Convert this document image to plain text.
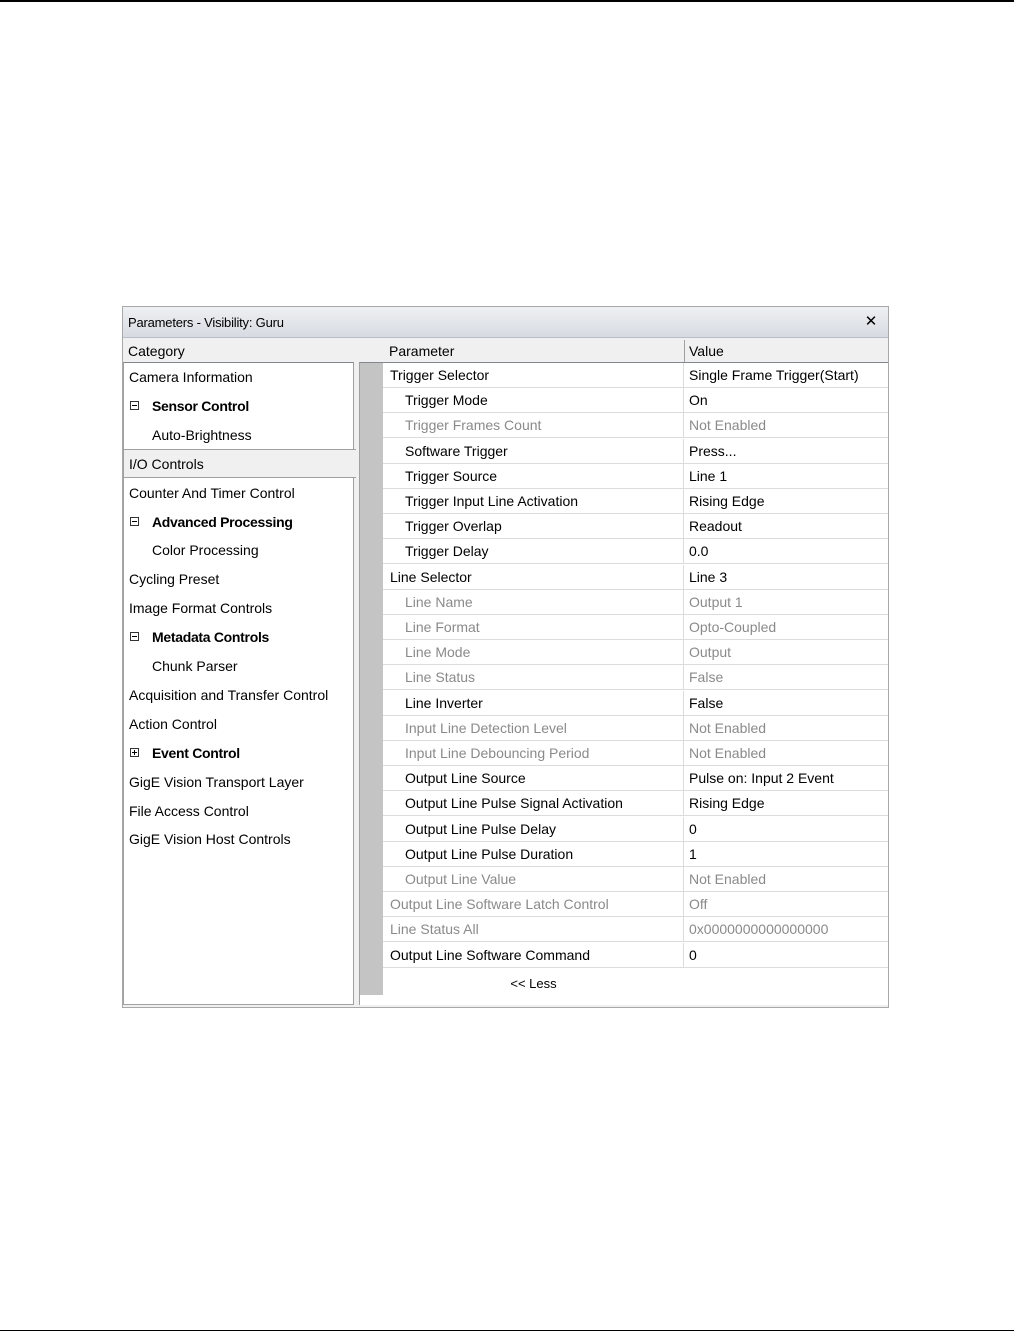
Parameters - Visibility: Guru	✕
Category	Parameter	Value
Camera Information
Sensor Control
Auto-Brightness
I/O Controls
Counter And Timer Control
Advanced Processing
Color Processing
Cycling Preset
Image Format Controls
Metadata Controls
Chunk Parser
Acquisition and Transfer Control
Action Control
Event Control
GigE Vision Transport Layer
File Access Control
GigE Vision Host Controls
Trigger Selector	Single Frame Trigger(Start)
Trigger Mode	On
Trigger Frames Count	Not Enabled
Software Trigger	Press...
Trigger Source	Line 1
Trigger Input Line Activation	Rising Edge
Trigger Overlap	Readout
Trigger Delay	0.0
Line Selector	Line 3
Line Name	Output 1
Line Format	Opto-Coupled
Line Mode	Output
Line Status	False
Line Inverter	False
Input Line Detection Level	Not Enabled
Input Line Debouncing Period	Not Enabled
Output Line Source	Pulse on: Input 2 Event
Output Line Pulse Signal Activation	Rising Edge
Output Line Pulse Delay	0
Output Line Pulse Duration	1
Output Line Value	Not Enabled
Output Line Software Latch Control	Off
Line Status All	0x0000000000000000
Output Line Software Command	0
<< Less
